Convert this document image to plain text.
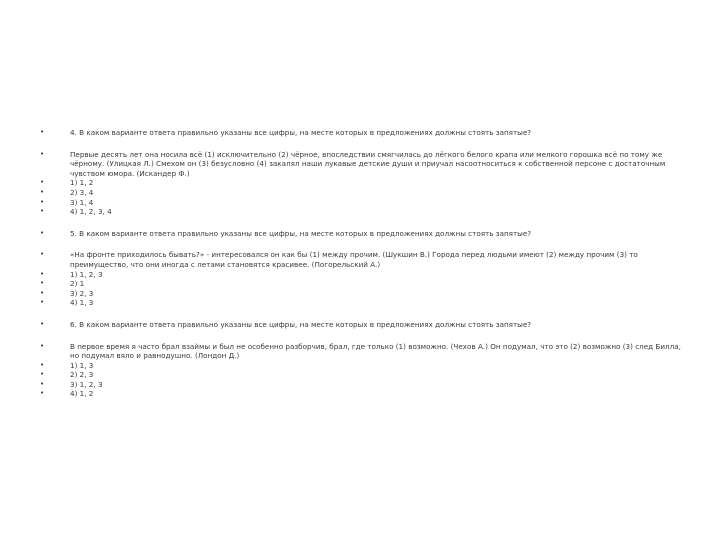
• 4. В каком варианте ответа правильно указаны все цифры, на месте которых в предложениях должны стоять запятые?
• Первые десять лет она носила всё (1) исключительно (2) чёрное, впоследствии смягчилась до лёгкого белого крапа или мелкого горошка всё по тому же чёрному. (Улицкая Л.) Смехом он (3) безусловно (4) закалял наши лукавые детские души и приучал насоотноситься к собственной персоне с достаточным чувством юмора. (Искандер Ф.)
• 1) 1, 2
• 2) 3, 4
• 3) 1, 4
• 4) 1, 2, 3, 4
• 5. В каком варианте ответа правильно указаны все цифры, на месте которых в предложениях должны стоять запятые?
• «На фронте приходилось бывать?» - интересовался он как бы (1) между прочим. (Шукшин В.) Города перед людьми имеют (2) между прочим (3) то преимущество, что они иногда с летами становятся красивее. (Погорельский А.)
• 1) 1, 2, 3
• 2) 1
• 3) 2, 3
• 4) 1, 3
• 6. В каком варианте ответа правильно указаны все цифры, на месте которых в предложениях должны стоять запятые?
• В первое время я часто брал взаймы и был не особенно разборчив, брал, где только (1) возможно. (Чехов А.) Он подумал, что это (2) возможно (3) след Билла, но подумал вяло и равнодушно. (Лондон Д.)
• 1) 1, 3
• 2) 2, 3
• 3) 1, 2, 3
• 4) 1, 2
